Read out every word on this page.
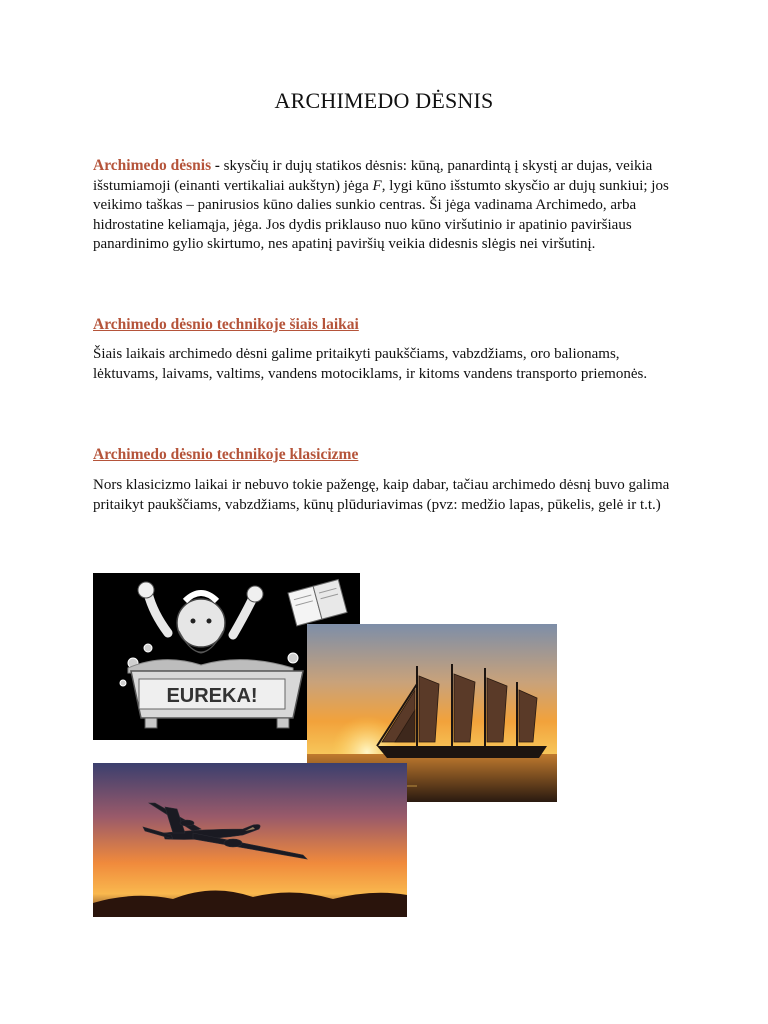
ARCHIMEDO DĖSNIS

Archimedo dėsnis - skysčių ir dujų statikos dėsnis: kūną, panardintą į skystį ar dujas, veikia išstumiamoji (einanti vertikaliai aukštyn) jėga F, lygi kūno išstumto skysčio ar dujų sunkiui; jos veikimo taškas – panirusios kūno dalies sunkio centras. Ši jėga vadinama Archimedo, arba hidrostatine keliamąja, jėga. Jos dydis priklauso nuo kūno viršutinio ir apatinio paviršiaus panardinimo gylio skirtumo, nes apatinį paviršių veikia didesnis slėgis nei viršutinį.

Archimedo dėsnio technikoje šiais laikai

Šiais laikais archimedo dėsni galime pritaikyti paukščiams, vabzdžiams, oro balionams, lėktuvams, laivams, valtims, vandens motociklams, ir kitoms vandens transporto priemonės.

Archimedo dėsnio technikoje klasicizme

Nors klasicizmo laikai ir nebuvo tokie pažengę, kaip dabar, tačiau archimedo dėsnį buvo galima pritaikyt paukščiams, vabzdžiams, kūnų plūduriavimas (pvz: medžio lapas, pūkelis, gelė ir t.t.)

EUREKA!
